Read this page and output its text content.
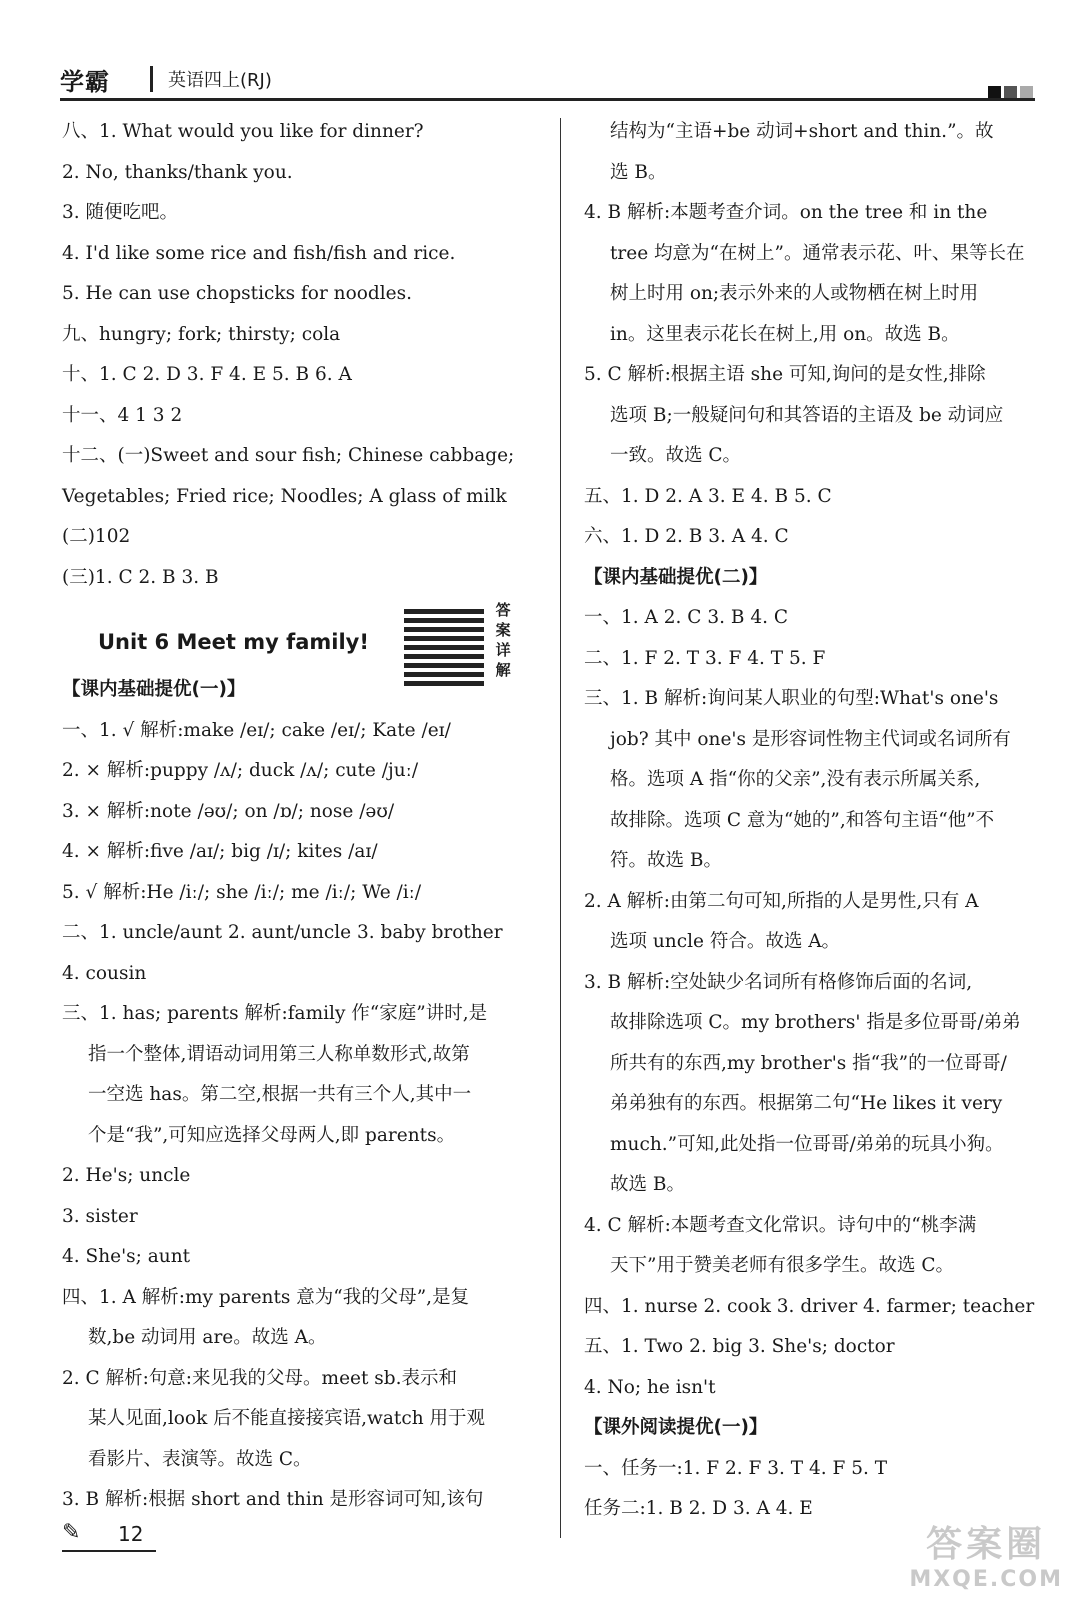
学霸	英语四上(RJ)
八、1. What would you like for dinner?
2. No, thanks/thank you.
3. 随便吃吧。
4. I'd like some rice and fish/fish and rice.
5. He can use chopsticks for noodles.
九、hungry; fork; thirsty; cola
十、1. C 2. D 3. F 4. E 5. B 6. A
十一、4 1 3 2
十二、(一)Sweet and sour fish; Chinese cabbage;
Vegetables; Fried rice; Noodles; A glass of milk
(二)102
(三)1. C 2. B 3. B
Unit 6 Meet my family!  答案详解
【课内基础提优(一)】
一、1. √ 解析:make /eɪ/; cake /eɪ/; Kate /eɪ/
2. × 解析:puppy /ʌ/; duck /ʌ/; cute /juː/
3. × 解析:note /əʊ/; on /ɒ/; nose /əʊ/
4. × 解析:five /aɪ/; big /ɪ/; kites /aɪ/
5. √ 解析:He /iː/; she /iː/; me /iː/; We /iː/
二、1. uncle/aunt 2. aunt/uncle 3. baby brother
4. cousin
三、1. has; parents 解析:family 作“家庭”讲时,是
指一个整体,谓语动词用第三人称单数形式,故第
一空选 has。第二空,根据一共有三个人,其中一
个是“我”,可知应选择父母两人,即 parents。
2. He's; uncle
3. sister
4. She's; aunt
四、1. A 解析:my parents 意为“我的父母”,是复
数,be 动词用 are。故选 A。
2. C 解析:句意:来见我的父母。meet sb.表示和
某人见面,look 后不能直接接宾语,watch 用于观
看影片、表演等。故选 C。
3. B 解析:根据 short and thin 是形容词可知,该句
结构为“主语+be 动词+short and thin.”。故
选 B。
4. B 解析:本题考查介词。on the tree 和 in the
tree 均意为“在树上”。通常表示花、叶、果等长在
树上时用 on;表示外来的人或物栖在树上时用
in。这里表示花长在树上,用 on。故选 B。
5. C 解析:根据主语 she 可知,询问的是女性,排除
选项 B;一般疑问句和其答语的主语及 be 动词应
一致。故选 C。
五、1. D 2. A 3. E 4. B 5. C
六、1. D 2. B 3. A 4. C
【课内基础提优(二)】
一、1. A 2. C 3. B 4. C
二、1. F 2. T 3. F 4. T 5. F
三、1. B 解析:询问某人职业的句型:What's one's
job? 其中 one's 是形容词性物主代词或名词所有
格。选项 A 指“你的父亲”,没有表示所属关系,
故排除。选项 C 意为“她的”,和答句主语“他”不
符。故选 B。
2. A 解析:由第二句可知,所指的人是男性,只有 A
选项 uncle 符合。故选 A。
3. B 解析:空处缺少名词所有格修饰后面的名词,
故排除选项 C。my brothers' 指是多位哥哥/弟弟
所共有的东西,my brother's 指“我”的一位哥哥/
弟弟独有的东西。根据第二句“He likes it very
much.”可知,此处指一位哥哥/弟弟的玩具小狗。
故选 B。
4. C 解析:本题考查文化常识。诗句中的“桃李满
天下”用于赞美老师有很多学生。故选 C。
四、1. nurse 2. cook 3. driver 4. farmer; teacher
五、1. Two 2. big 3. She's; doctor
4. No; he isn't
【课外阅读提优(一)】
一、任务一:1. F 2. F 3. T 4. F 5. T
任务二:1. B 2. D 3. A 4. E
✎ 12	答案圈
MXQE.COM
